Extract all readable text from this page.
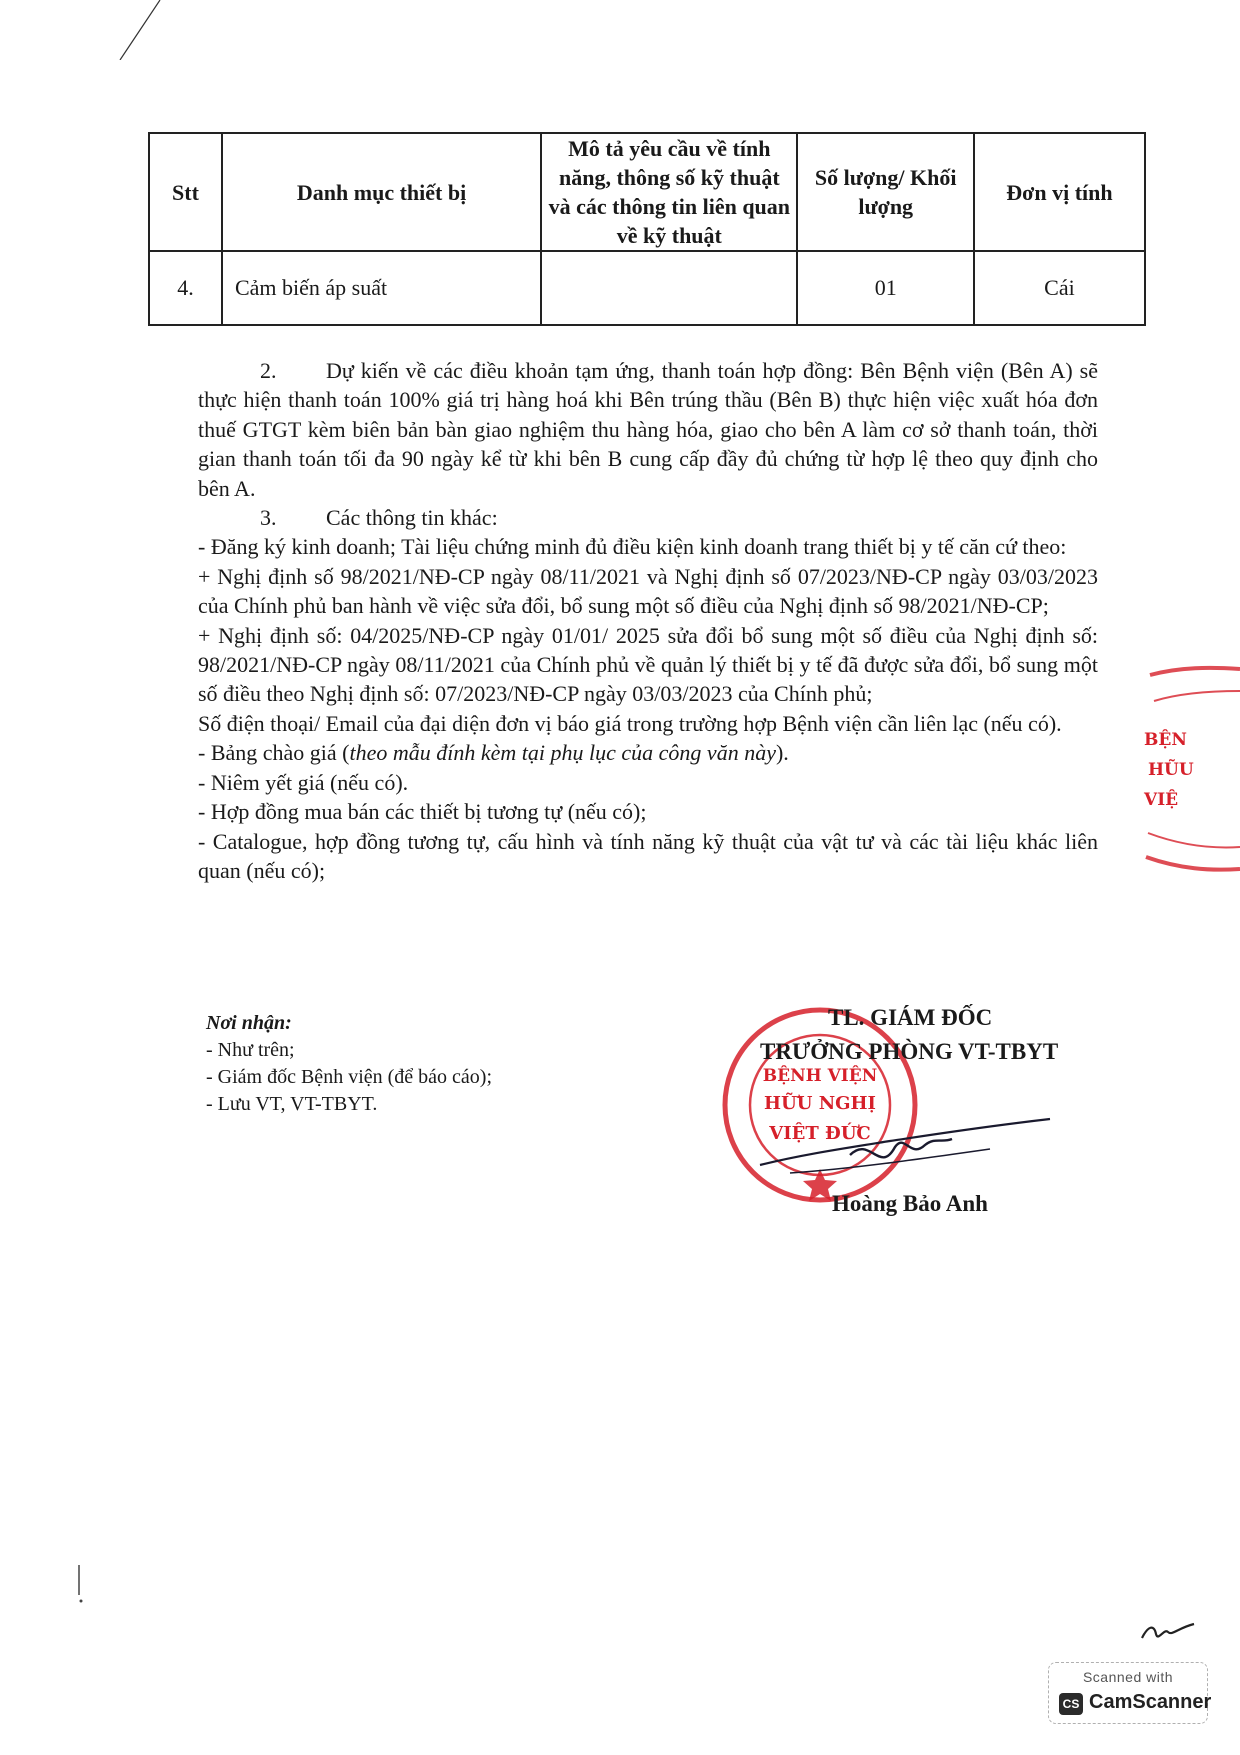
Stt	Danh mục thiết bị	Mô tả yêu cầu về tính năng, thông số kỹ thuật và các thông tin liên quan về kỹ thuật	Số lượng/ Khối lượng	Đơn vị tính
4.	Cảm biến áp suất		01	Cái

2. Dự kiến về các điều khoản tạm ứng, thanh toán hợp đồng: Bên Bệnh viện (Bên A) sẽ thực hiện thanh toán 100% giá trị hàng hoá khi Bên trúng thầu (Bên B) thực hiện việc xuất hóa đơn thuế GTGT kèm biên bản bàn giao nghiệm thu hàng hóa, giao cho bên A làm cơ sở thanh toán, thời gian thanh toán tối đa 90 ngày kể từ khi bên B cung cấp đầy đủ chứng từ hợp lệ theo quy định cho bên A.

3. Các thông tin khác:

- Đăng ký kinh doanh; Tài liệu chứng minh đủ điều kiện kinh doanh trang thiết bị y tế căn cứ theo:

+ Nghị định số 98/2021/NĐ-CP ngày 08/11/2021 và Nghị định số 07/2023/NĐ-CP ngày 03/03/2023 của Chính phủ ban hành về việc sửa đổi, bổ sung một số điều của Nghị định số 98/2021/NĐ-CP;

+ Nghị định số: 04/2025/NĐ-CP ngày 01/01/ 2025 sửa đổi bổ sung một số điều của Nghị định số: 98/2021/NĐ-CP ngày 08/11/2021 của Chính phủ về quản lý thiết bị y tế đã được sửa đổi, bổ sung một số điều theo Nghị định số: 07/2023/NĐ-CP ngày 03/03/2023 của Chính phủ;

Số điện thoại/ Email của đại diện đơn vị báo giá trong trường hợp Bệnh viện cần liên lạc (nếu có).

- Bảng chào giá (theo mẫu đính kèm tại phụ lục của công văn này).

- Niêm yết giá (nếu có).

- Hợp đồng mua bán các thiết bị tương tự (nếu có);

- Catalogue, hợp đồng tương tự, cấu hình và tính năng kỹ thuật của vật tư và các tài liệu khác liên quan (nếu có);

Nơi nhận:

- Như trên;

- Giám đốc Bệnh viện (để báo cáo);

- Lưu VT, VT-TBYT.

BỆNH VIỆN
HỮU NGHỊ
VIỆT ĐỨC
TL. GIÁM ĐỐC
TRƯỞNG PHÒNG VT-TBYT
Hoàng Bảo Anh
BỆN
HŨU
VIỆ
Scanned with
CS CamScanner
